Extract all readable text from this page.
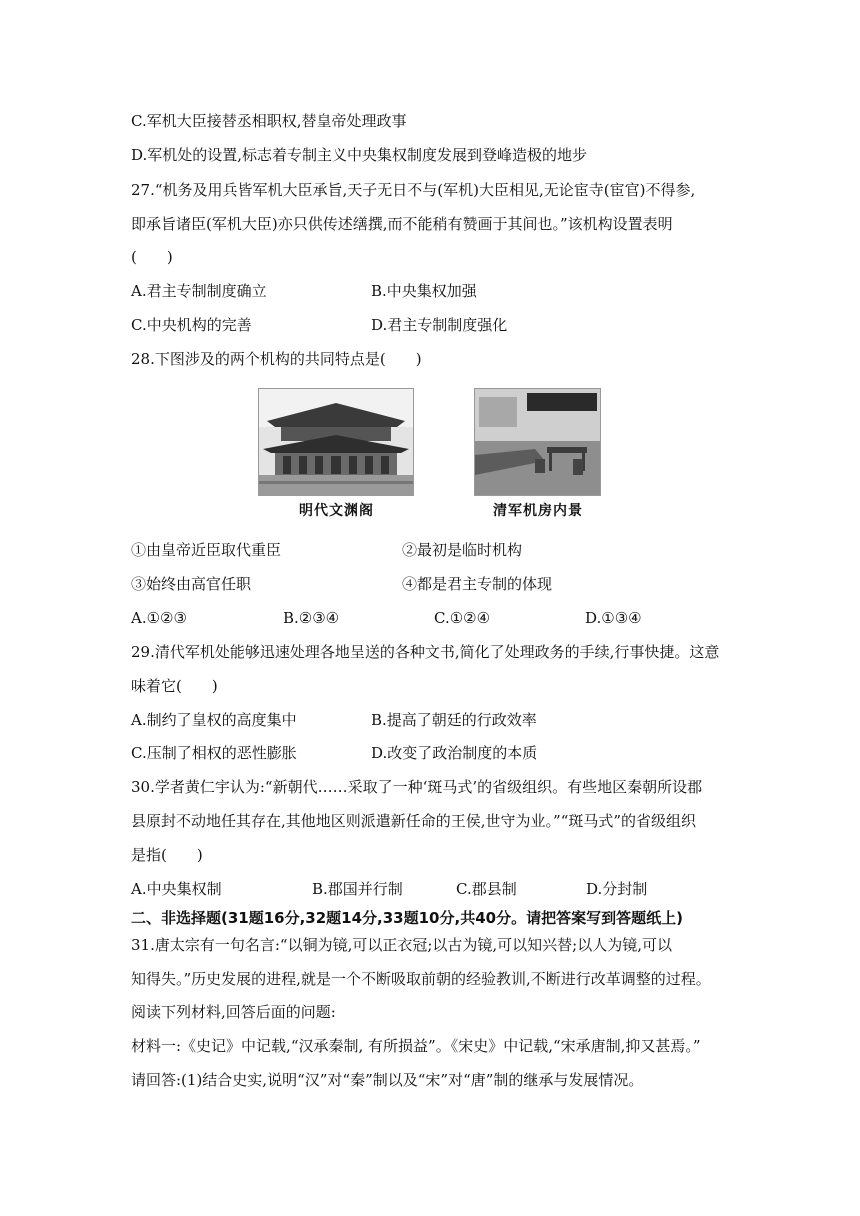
C.军机大臣接替丞相职权,替皇帝处理政事
D.军机处的设置,标志着专制主义中央集权制度发展到登峰造极的地步
27.“机务及用兵皆军机大臣承旨,天子无日不与(军机)大臣相见,无论宦寺(宦官)不得参,
即承旨诸臣(军机大臣)亦只供传述缮撰,而不能稍有赞画于其间也。”该机构设置表明
(　　)
A.君主专制制度确立	B.中央集权加强
C.中央机构的完善	D.君主专制制度强化
28.下图涉及的两个机构的共同特点是(　　)
明代文渊阁	清军机房内景
①由皇帝近臣取代重臣	②最初是临时机构
③始终由高官任职	④都是君主专制的体现
A.①②③	B.②③④	C.①②④	D.①③④
29.清代军机处能够迅速处理各地呈送的各种文书,简化了处理政务的手续,行事快捷。这意
味着它(　　)
A.制约了皇权的高度集中	B.提高了朝廷的行政效率
C.压制了相权的恶性膨胀	D.改变了政治制度的本质
30.学者黄仁宇认为:“新朝代……采取了一种‘斑马式’的省级组织。有些地区秦朝所设郡
县原封不动地任其存在,其他地区则派遣新任命的王侯,世守为业。”“斑马式”的省级组织
是指(　　)
A.中央集权制	B.郡国并行制	C.郡县制	D.分封制
二、非选择题(31题16分,32题14分,33题10分,共40分。请把答案写到答题纸上)
31.唐太宗有一句名言:“以铜为镜,可以正衣冠;以古为镜,可以知兴替;以人为镜,可以
知得失。”历史发展的进程,就是一个不断吸取前朝的经验教训,不断进行改革调整的过程。
阅读下列材料,回答后面的问题:
材料一:《史记》中记载,“汉承秦制, 有所损益”。《宋史》中记载,“宋承唐制,抑又甚焉。”
请回答:(1)结合史实,说明“汉”对“秦”制以及“宋”对“唐”制的继承与发展情况。
